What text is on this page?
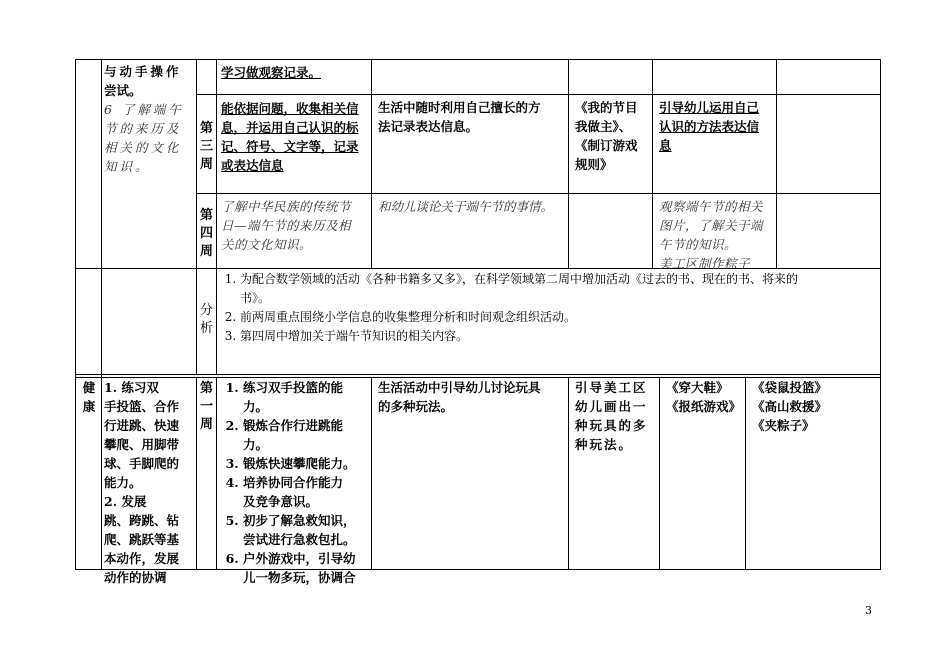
与动手操作
尝试。
6 了解端午
节的来历及
相关的文化
知识。
学习做观察记录。
第
三
周
能依据问题，收集相关信
息，并运用自己认识的标
记、符号、文字等，记录
或表达信息
生活中随时利用自己擅长的方
法记录表达信息。
《我的节目
我做主》、
《制订游戏
规则》
引导幼儿运用自己
认识的方法表达信
息
第
四
周
了解中华民族的传统节
日—端午节的来历及相
关的文化知识。
和幼儿谈论关于端午节的事情。	观察端午节的相关
图片，了解关于端
午节的知识。
美工区制作粽子
分
析
1. 为配合数学领域的活动《各种书籍多又多》，在科学领域第二周中增加活动《过去的书、现在的书、将来的
书》。
2. 前两周重点围绕小学信息的收集整理分析和时间观念组织活动。
3. 第四周中增加关于端午节知识的相关内容。
健
康
1. 练习双
手投篮、合作
行进跳、快速
攀爬、用脚带
球、手脚爬的
能力。
2. 发展
跳、跨跳、钻
爬、跳跃等基
本动作，发展
动作的协调
第
一
周
1. 练习双手投篮的能
力。
2. 锻炼合作行进跳能
力。
3. 锻炼快速攀爬能力。
4. 培养协同合作能力
及竞争意识。
5. 初步了解急救知识，
尝试进行急救包扎。
6. 户外游戏中，引导幼
儿一物多玩，协调合
生活活动中引导幼儿讨论玩具
的多种玩法。
引导美工区
幼儿画出一
种玩具的多
种玩法。
《穿大鞋》
《报纸游戏》
《袋鼠投篮》
《高山救援》
《夹粽子》
3
